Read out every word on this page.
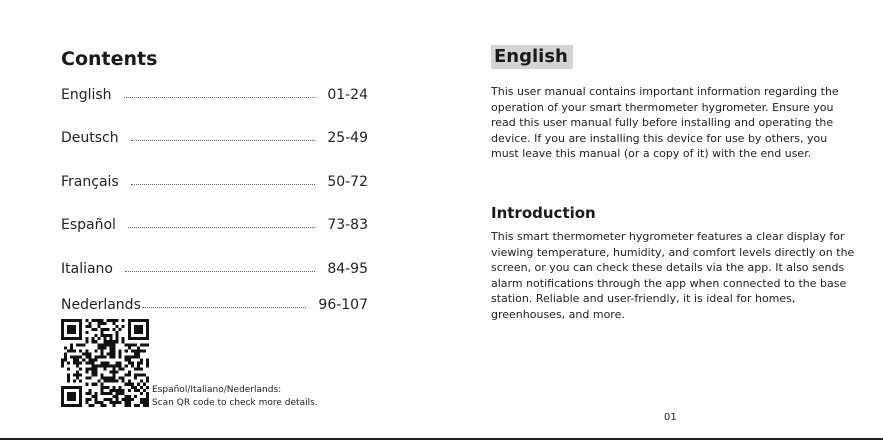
Contents
English	01-24
Deutsch	25-49
Français	50-72
Español	73-83
Italiano	84-95
Nederlands	96-107
Español/Italiano/Nederlands:
Scan QR code to check more details.
English

This user manual contains important information regarding the operation of your smart thermometer hygrometer. Ensure you read this user manual fully before installing and operating the device. If you are installing this device for use by others, you must leave this manual (or a copy of it) with the end user.

Introduction

This smart thermometer hygrometer features a clear display for viewing temperature, humidity, and comfort levels directly on the screen, or you can check these details via the app. It also sends alarm notifications through the app when connected to the base station. Reliable and user-friendly, it is ideal for homes, greenhouses, and more.

01
